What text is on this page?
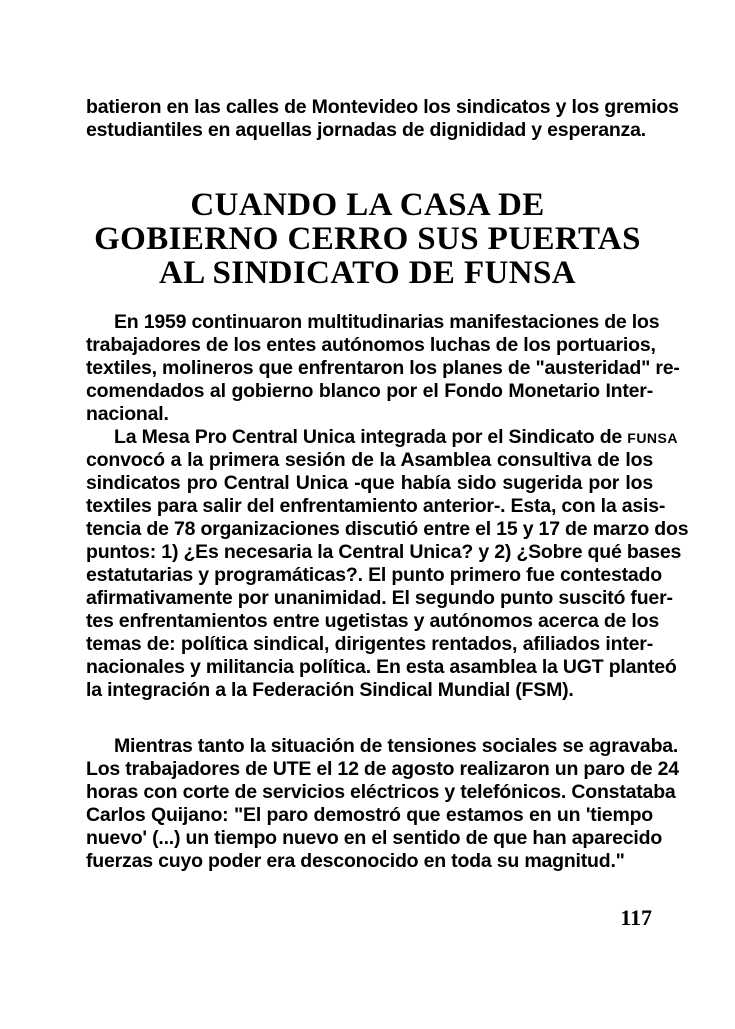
batieron en las calles de Montevideo los sindicatos y los gremios
estudiantiles en aquellas jornadas de dignididad y esperanza.
CUANDO LA CASA DE
GOBIERNO CERRO SUS PUERTAS
AL SINDICATO DE FUNSA
En 1959 continuaron multitudinarias manifestaciones de los
trabajadores de los entes autónomos luchas de los portuarios,
textiles, molineros que enfrentaron los planes de "austeridad" re-
comendados al gobierno blanco por el Fondo Monetario Inter-
nacional.
La Mesa Pro Central Unica integrada por el Sindicato de FUNSA
convocó a la primera sesión de la Asamblea consultiva de los
sindicatos pro Central Unica -que había sido sugerida por los
textiles para salir del enfrentamiento anterior-. Esta, con la asis-
tencia de 78 organizaciones discutió entre el 15 y 17 de marzo dos
puntos: 1) ¿Es necesaria la Central Unica? y 2) ¿Sobre qué bases
estatutarias y programáticas?. El punto primero fue contestado
afirmativamente por unanimidad. El segundo punto suscitó fuer-
tes enfrentamientos entre ugetistas y autónomos acerca de los
temas de: política sindical, dirigentes rentados, afiliados inter-
nacionales y militancia política. En esta asamblea la UGT planteó
la integración a la Federación Sindical Mundial (FSM).
Mientras tanto la situación de tensiones sociales se agravaba.
Los trabajadores de UTE el 12 de agosto realizaron un paro de 24
horas con corte de servicios eléctricos y telefónicos. Constataba
Carlos Quijano: "El paro demostró que estamos en un 'tiempo
nuevo' (...) un tiempo nuevo en el sentido de que han aparecido
fuerzas cuyo poder era desconocido en toda su magnitud."
117
